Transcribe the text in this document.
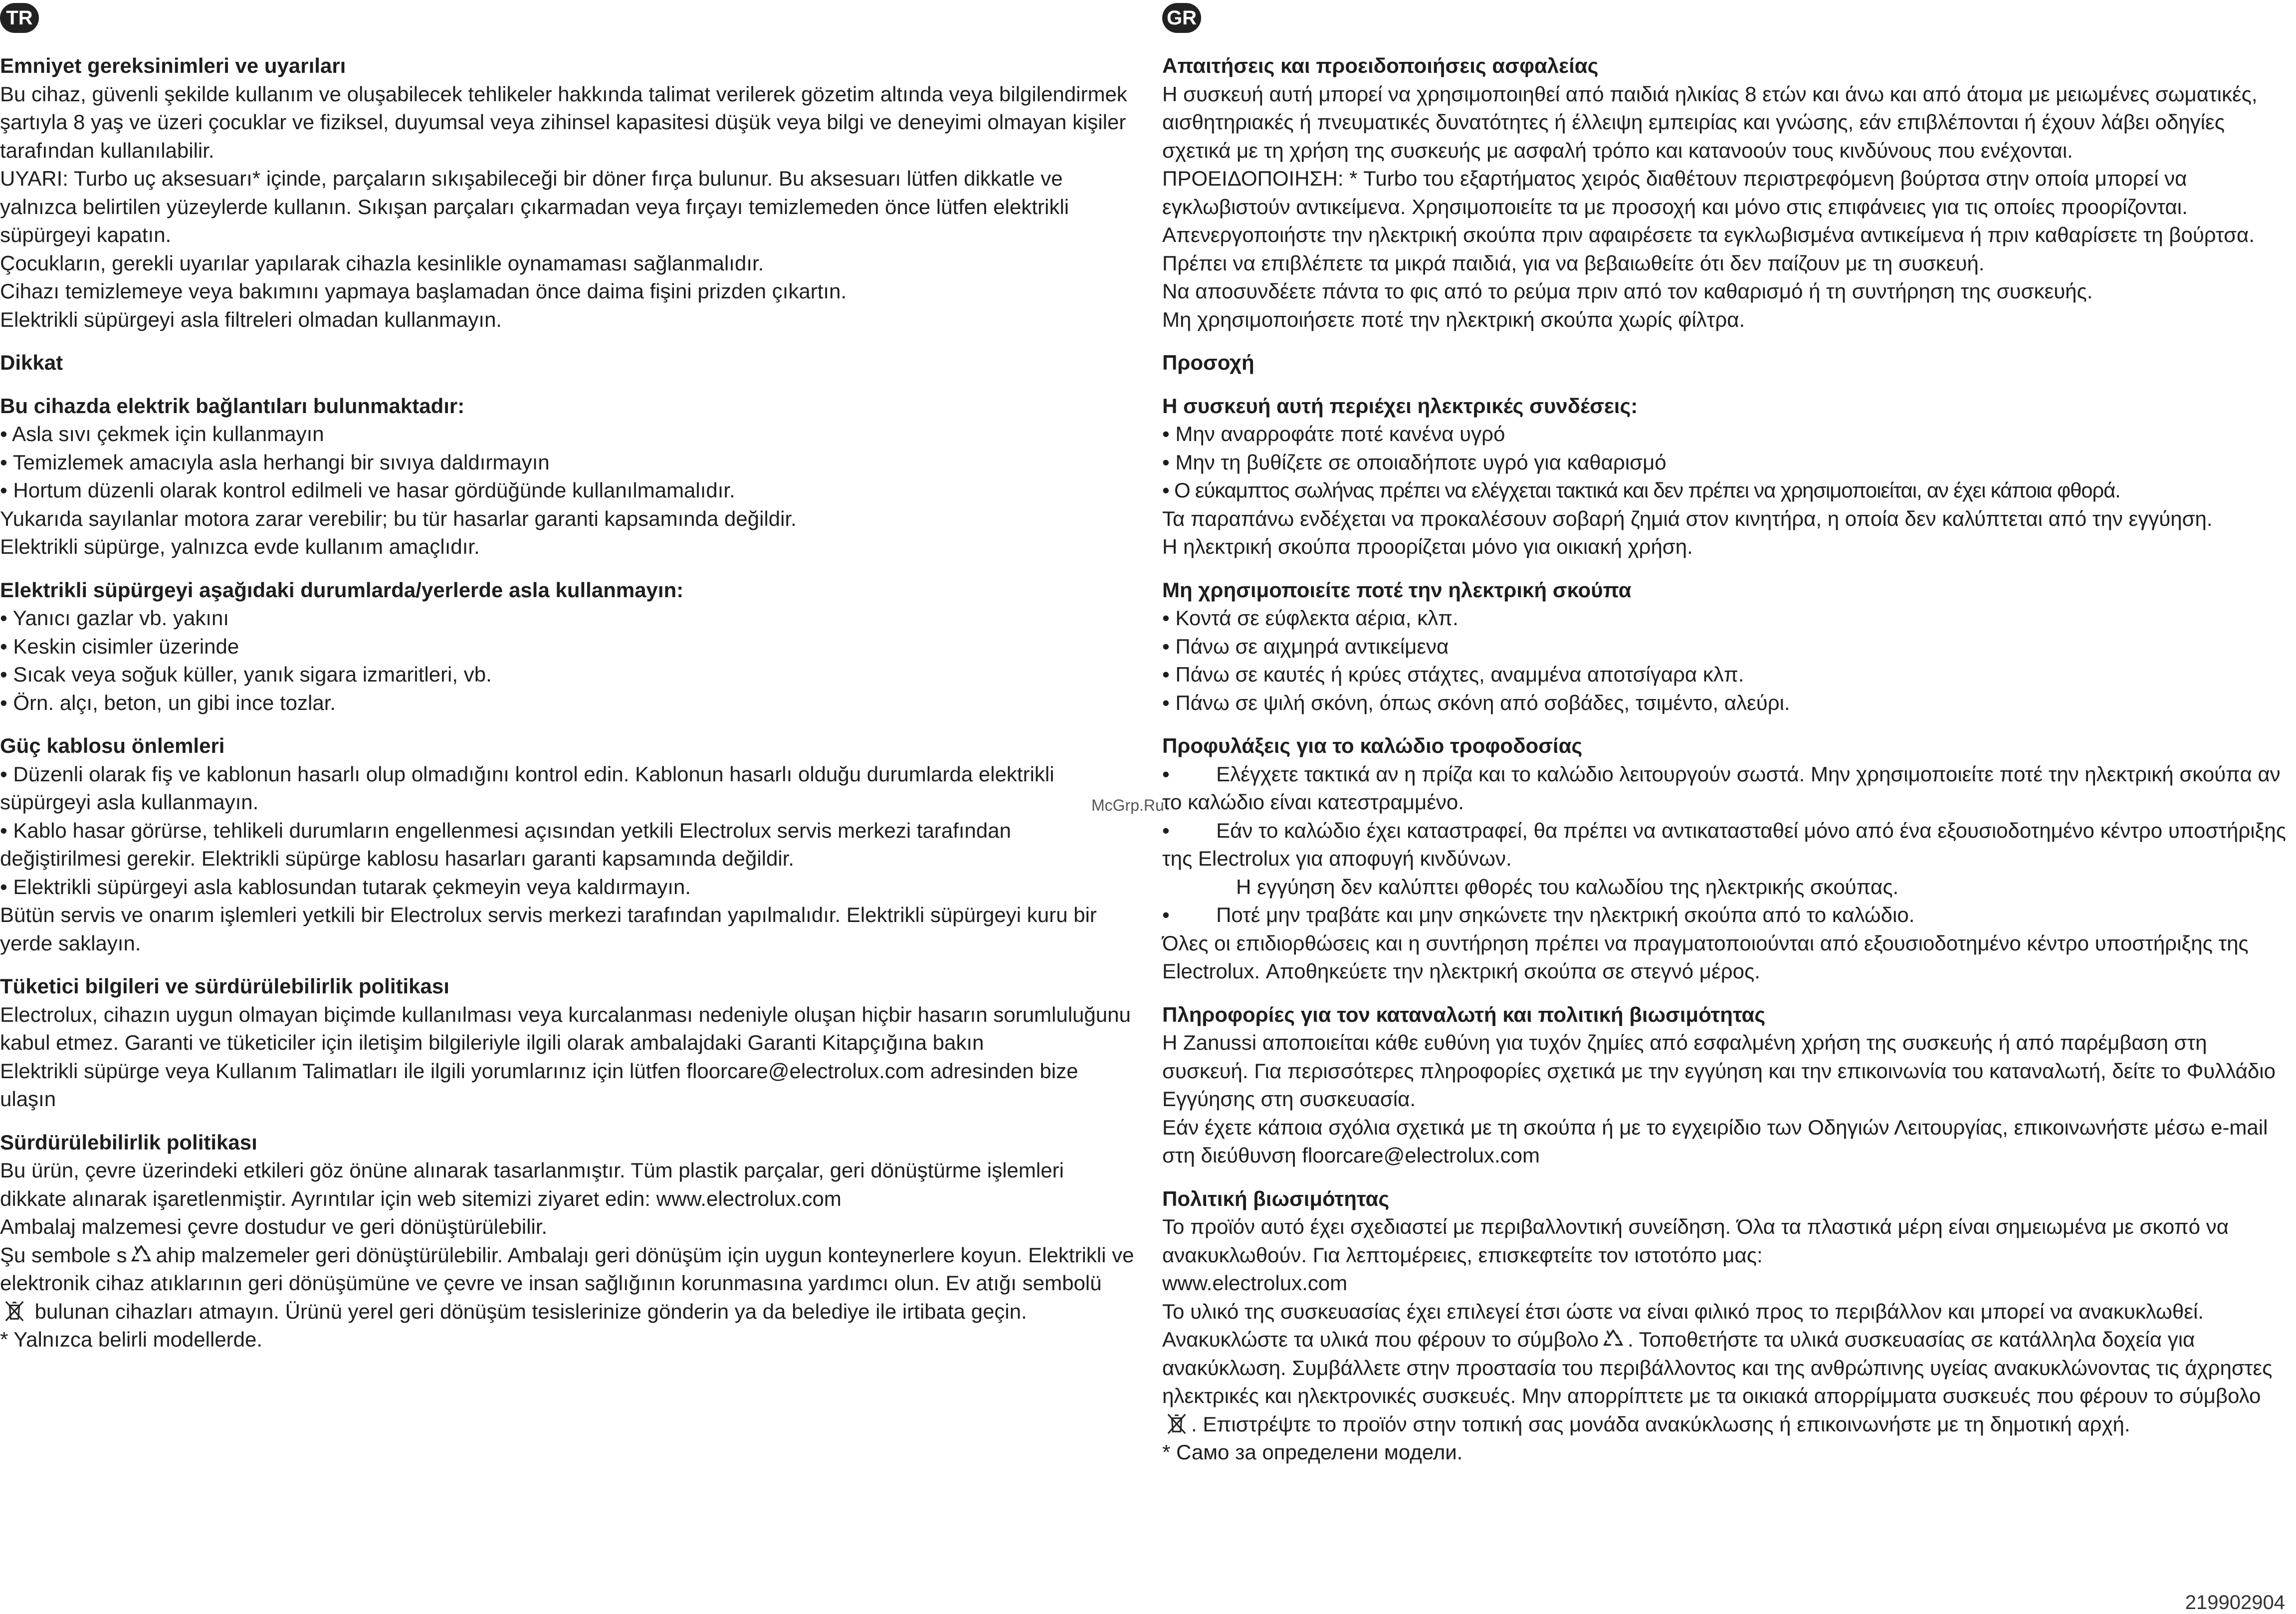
TR
Emniyet gereksinimleri ve uyarıları

Bu cihaz, güvenli şekilde kullanım ve oluşabilecek tehlikeler hakkında talimat verilerek gözetim altında veya bilgilendirmek şartıyla 8 yaş ve üzeri çocuklar ve fiziksel, duyumsal veya zihinsel kapasitesi düşük veya bilgi ve deneyimi olmayan kişiler tarafından kullanılabilir.

UYARI: Turbo uç aksesuarı* içinde, parçaların sıkışabileceği bir döner fırça bulunur. Bu aksesuarı lütfen dikkatle ve yalnızca belirtilen yüzeylerde kullanın. Sıkışan parçaları çıkarmadan veya fırçayı temizlemeden önce lütfen elektrikli süpürgeyi kapatın.

Çocukların, gerekli uyarılar yapılarak cihazla kesinlikle oynamaması sağlanmalıdır.

Cihazı temizlemeye veya bakımını yapmaya başlamadan önce daima fişini prizden çıkartın.

Elektrikli süpürgeyi asla filtreleri olmadan kullanmayın.

Dikkat
Bu cihazda elektrik bağlantıları bulunmaktadır:

• Asla sıvı çekmek için kullanmayın

• Temizlemek amacıyla asla herhangi bir sıvıya daldırmayın

• Hortum düzenli olarak kontrol edilmeli ve hasar gördüğünde kullanılmamalıdır.

Yukarıda sayılanlar motora zarar verebilir; bu tür hasarlar garanti kapsamında değildir.

Elektrikli süpürge, yalnızca evde kullanım amaçlıdır.

Elektrikli süpürgeyi aşağıdaki durumlarda/yerlerde asla kullanmayın:

• Yanıcı gazlar vb. yakını

• Keskin cisimler üzerinde

• Sıcak veya soğuk küller, yanık sigara izmaritleri, vb.

• Örn. alçı, beton, un gibi ince tozlar.

Güç kablosu önlemleri

• Düzenli olarak fiş ve kablonun hasarlı olup olmadığını kontrol edin. Kablonun hasarlı olduğu durumlarda elektrikli süpürgeyi asla kullanmayın.

• Kablo hasar görürse, tehlikeli durumların engellenmesi açısından yetkili Electrolux servis merkezi tarafından değiştirilmesi gerekir. Elektrikli süpürge kablosu hasarları garanti kapsamında değildir.

• Elektrikli süpürgeyi asla kablosundan tutarak çekmeyin veya kaldırmayın.

Bütün servis ve onarım işlemleri yetkili bir Electrolux servis merkezi tarafından yapılmalıdır. Elektrikli süpürgeyi kuru bir yerde saklayın.

Tüketici bilgileri ve sürdürülebilirlik politikası

Electrolux, cihazın uygun olmayan biçimde kullanılması veya kurcalanması nedeniyle oluşan hiçbir hasarın sorumluluğunu kabul etmez. Garanti ve tüketiciler için iletişim bilgileriyle ilgili olarak ambalajdaki Garanti Kitapçığına bakın

Elektrikli süpürge veya Kullanım Talimatları ile ilgili yorumlarınız için lütfen floorcare@electrolux.com adresinden bize ulaşın

Sürdürülebilirlik politikası

Bu ürün, çevre üzerindeki etkileri göz önüne alınarak tasarlanmıştır. Tüm plastik parçalar, geri dönüştürme işlemleri dikkate alınarak işaretlenmiştir. Ayrıntılar için web sitemizi ziyaret edin: www.electrolux.com

Ambalaj malzemesi çevre dostudur ve geri dönüştürülebilir.

Şu sembole s ahip malzemeler geri dönüştürülebilir. Ambalajı geri dönüşüm için uygun konteynerlere koyun. Elektrikli ve elektronik cihaz atıklarının geri dönüşümüne ve çevre ve insan sağlığının korunmasına yardımcı olun. Ev atığı sembolü  bulunan cihazları atmayın. Ürünü yerel geri dönüşüm tesislerinize gönderin ya da belediye ile irtibata geçin.

* Yalnızca belirli modellerde.

GR
Απαιτήσεις και προειδοποιήσεις ασφαλείας

Η συσκευή αυτή μπορεί να χρησιμοποιηθεί από παιδιά ηλικίας 8 ετών και άνω και από άτομα με μειωμένες σωματικές, αισθητηριακές ή πνευματικές δυνατότητες ή έλλειψη εμπειρίας και γνώσης, εάν επιβλέπονται ή έχουν λάβει οδηγίες σχετικά με τη χρήση της συσκευής με ασφαλή τρόπο και κατανοούν τους κινδύνους που ενέχονται.

ΠΡΟΕΙΔΟΠΟΙΗΣΗ: * Turbo του εξαρτήματος χειρός διαθέτουν περιστρεφόμενη βούρτσα στην οποία μπορεί να εγκλωβιστούν αντικείμενα. Χρησιμοποιείτε τα με προσοχή και μόνο στις επιφάνειες για τις οποίες προορίζονται. Απενεργοποιήστε την ηλεκτρική σκούπα πριν αφαιρέσετε τα εγκλωβισμένα αντικείμενα ή πριν καθαρίσετε τη βούρτσα.

Πρέπει να επιβλέπετε τα μικρά παιδιά, για να βεβαιωθείτε ότι δεν παίζουν με τη συσκευή.

Να αποσυνδέετε πάντα το φις από το ρεύμα πριν από τον καθαρισμό ή τη συντήρηση της συσκευής.

Μη χρησιμοποιήσετε ποτέ την ηλεκτρική σκούπα χωρίς φίλτρα.

Προσοχή
Η συσκευή αυτή περιέχει ηλεκτρικές συνδέσεις:

• Μην αναρροφάτε ποτέ κανένα υγρό

• Μην τη βυθίζετε σε οποιαδήποτε υγρό για καθαρισμό

• Ο εύκαμπτος σωλήνας πρέπει να ελέγχεται τακτικά και δεν πρέπει να χρησιμοποιείται, αν έχει κάποια φθορά.

Τα παραπάνω ενδέχεται να προκαλέσουν σοβαρή ζημιά στον κινητήρα, η οποία δεν καλύπτεται από την εγγύηση.

Η ηλεκτρική σκούπα προορίζεται μόνο για οικιακή χρήση.

Μη χρησιμοποιείτε ποτέ την ηλεκτρική σκούπα

• Κοντά σε εύφλεκτα αέρια, κλπ.

• Πάνω σε αιχμηρά αντικείμενα

• Πάνω σε καυτές ή κρύες στάχτες, αναμμένα αποτσίγαρα κλπ.

• Πάνω σε ψιλή σκόνη, όπως σκόνη από σοβάδες, τσιμέντο, αλεύρι.

Προφυλάξεις για το καλώδιο τροφοδοσίας

• Ελέγχετε τακτικά αν η πρίζα και το καλώδιο λειτουργούν σωστά. Μην χρησιμοποιείτε ποτέ την ηλεκτρική σκούπα αν το καλώδιο είναι κατεστραμμένο.

• Εάν το καλώδιο έχει καταστραφεί, θα πρέπει να αντικατασταθεί μόνο από ένα εξουσιοδοτημένο κέντρο υποστήριξης της Electrolux για αποφυγή κινδύνων.

Η εγγύηση δεν καλύπτει φθορές του καλωδίου της ηλεκτρικής σκούπας.

• Ποτέ μην τραβάτε και μην σηκώνετε την ηλεκτρική σκούπα από το καλώδιο.

Όλες οι επιδιορθώσεις και η συντήρηση πρέπει να πραγματοποιούνται από εξουσιοδοτημένο κέντρο υποστήριξης της Electrolux. Αποθηκεύετε την ηλεκτρική σκούπα σε στεγνό μέρος.

Πληροφορίες για τον καταναλωτή και πολιτική βιωσιμότητας

Η Zanussi αποποιείται κάθε ευθύνη για τυχόν ζημίες από εσφαλμένη χρήση της συσκευής ή από παρέμβαση στη συσκευή. Για περισσότερες πληροφορίες σχετικά με την εγγύηση και την επικοινωνία του καταναλωτή, δείτε το Φυλλάδιο Εγγύησης στη συσκευασία.

Εάν έχετε κάποια σχόλια σχετικά με τη σκούπα ή με το εγχειρίδιο των Οδηγιών Λειτουργίας, επικοινωνήστε μέσω e-mail στη διεύθυνση floorcare@electrolux.com

Πολιτική βιωσιμότητας

Το προϊόν αυτό έχει σχεδιαστεί με περιβαλλοντική συνείδηση. Όλα τα πλαστικά μέρη είναι σημειωμένα με σκοπό να ανακυκλωθούν. Για λεπτομέρειες, επισκεφτείτε τον ιστοτόπο μας:

www.electrolux.com

Το υλικό της συσκευασίας έχει επιλεγεί έτσι ώστε να είναι φιλικό προς το περιβάλλον και μπορεί να ανακυκλωθεί.

Ανακυκλώστε τα υλικά που φέρουν το σύμβολο . Τοποθετήστε τα υλικά συσκευασίας σε κατάλληλα δοχεία για ανακύκλωση. Συμβάλλετε στην προστασία του περιβάλλοντος και της ανθρώπινης υγείας ανακυκλώνοντας τις άχρηστες ηλεκτρικές και ηλεκτρονικές συσκευές. Μην απορρίπτετε με τα οικιακά απορρίμματα συσκευές που φέρουν το σύμβολο . Επιστρέψτε το προϊόν στην τοπική σας μονάδα ανακύκλωσης ή επικοινωνήστε με τη δημοτική αρχή.

* Само за определени модели.

McGrp.Ru
219902904
